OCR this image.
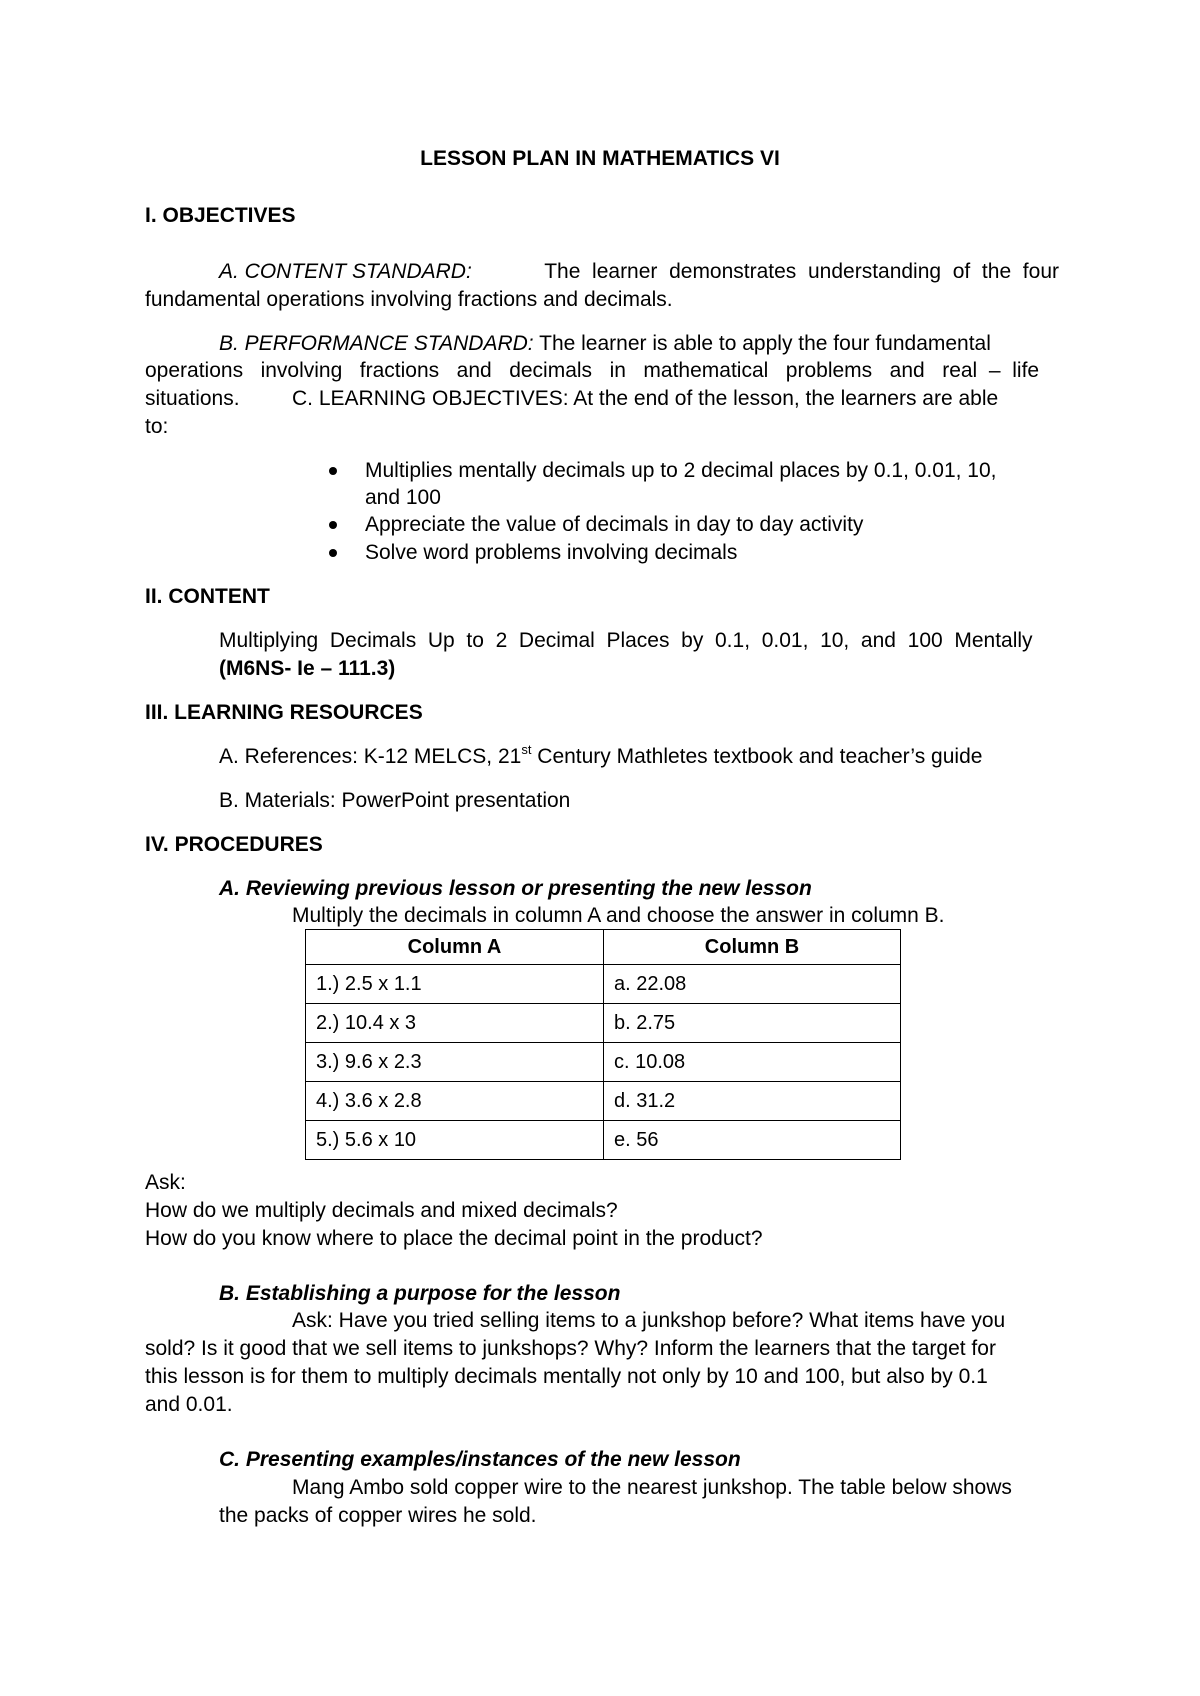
LESSON PLAN IN MATHEMATICS VI
I. OBJECTIVES
A. CONTENT STANDARD:	The  learner  demonstrates  understanding  of  the  four
fundamental operations involving fractions and decimals.
B. PERFORMANCE STANDARD: The learner is able to apply the four fundamental
operations   involving   fractions   and   decimals   in   mathematical   problems   and   real  –  life
situations. C. LEARNING OBJECTIVES: At the end of the lesson, the learners are able
to:
Multiplies mentally decimals up to 2 decimal places by 0.1, 0.01, 10,
and 100
Appreciate the value of decimals in day to day activity
Solve word problems involving decimals
II. CONTENT
Multiplying  Decimals  Up  to  2  Decimal  Places  by  0.1,  0.01,  10,  and  100  Mentally
(M6NS- Ie – 111.3)
III. LEARNING RESOURCES
A. References: K-12 MELCS, 21st Century Mathletes textbook and teacher’s guide
B. Materials: PowerPoint presentation
IV. PROCEDURES
A. Reviewing previous lesson or presenting the new lesson
Multiply the decimals in column A and choose the answer in column B.
Column A	Column B
1.) 2.5 x 1.1	a. 22.08
2.) 10.4 x 3	b. 2.75
3.) 9.6 x 2.3	c. 10.08
4.) 3.6 x 2.8	d. 31.2
5.) 5.6 x 10	e. 56
Ask:
How do we multiply decimals and mixed decimals?
How do you know where to place the decimal point in the product?
B. Establishing a purpose for the lesson
Ask: Have you tried selling items to a junkshop before? What items have you
sold? Is it good that we sell items to junkshops? Why? Inform the learners that the target for
this lesson is for them to multiply decimals mentally not only by 10 and 100, but also by 0.1
and 0.01.
C. Presenting examples/instances of the new lesson
Mang Ambo sold copper wire to the nearest junkshop. The table below shows
the packs of copper wires he sold.
